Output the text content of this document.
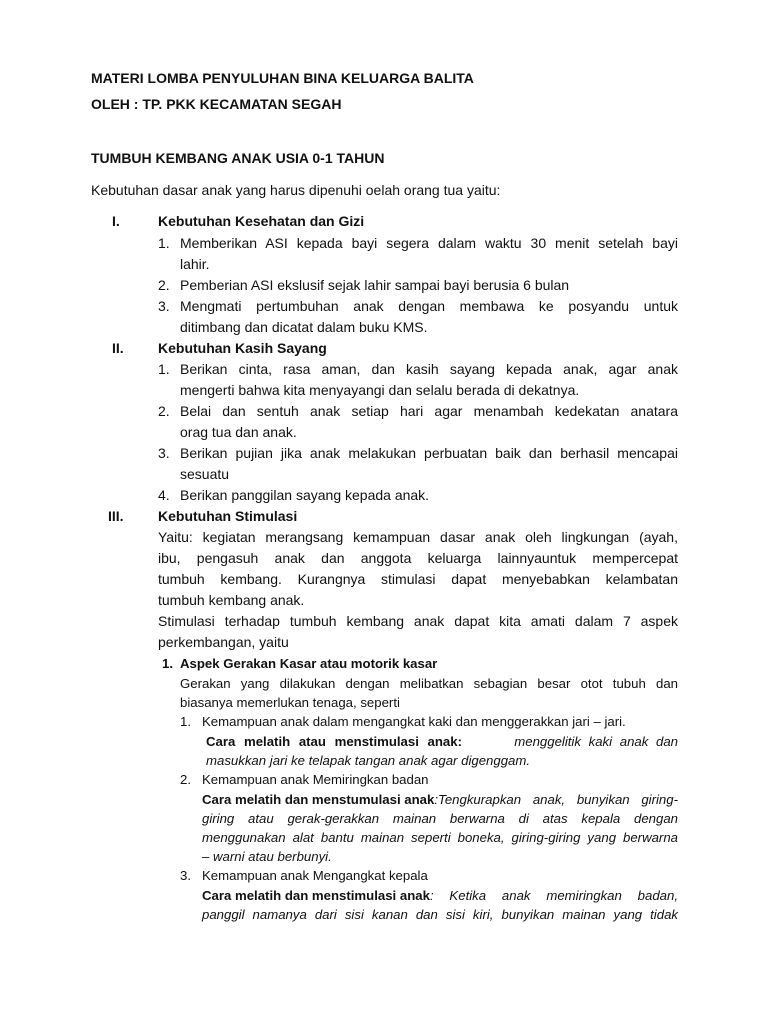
MATERI LOMBA PENYULUHAN BINA KELUARGA BALITA
OLEH : TP. PKK KECAMATAN SEGAH
TUMBUH KEMBANG ANAK USIA 0-1 TAHUN
Kebutuhan dasar anak yang harus dipenuhi oelah orang tua yaitu:
I.	Kebutuhan Kesehatan dan Gizi
1. Memberikan ASI kepada bayi segera dalam waktu 30 menit setelah bayi
lahir.
2. Pemberian ASI ekslusif sejak lahir sampai bayi berusia 6 bulan
3. Mengmati pertumbuhan anak dengan membawa ke posyandu untuk
ditimbang dan dicatat dalam buku KMS.
II. Kebutuhan Kasih Sayang
1. Berikan cinta, rasa aman, dan kasih sayang kepada anak, agar anak
mengerti bahwa kita menyayangi dan selalu berada di dekatnya.
2. Belai dan sentuh anak setiap hari agar menambah kedekatan anatara
orag tua dan anak.
3. Berikan pujian jika anak melakukan perbuatan baik dan berhasil mencapai
sesuatu
4. Berikan panggilan sayang kepada anak.
III. Kebutuhan Stimulasi
Yaitu: kegiatan merangsang kemampuan dasar anak oleh lingkungan (ayah,
ibu, pengasuh anak dan anggota keluarga lainnyauntuk mempercepat
tumbuh kembang. Kurangnya stimulasi dapat menyebabkan kelambatan
tumbuh kembang anak.
Stimulasi terhadap tumbuh kembang anak dapat kita amati dalam 7 aspek
perkembangan, yaitu
1. Aspek Gerakan Kasar atau motorik kasar
Gerakan yang dilakukan dengan melibatkan sebagian besar otot tubuh dan
biasanya memerlukan tenaga, seperti
1. Kemampuan anak dalam mengangkat kaki dan menggerakkan jari – jari.
Cara melatih atau menstimulasi anak:	menggelitik kaki anak dan
masukkan jari ke telapak tangan anak agar digenggam.
2. Kemampuan anak Memiringkan badan
Cara melatih dan menstumulasi anak :Tengkurapkan anak, bunyikan giring-
giring atau gerak-gerakkan mainan berwarna di atas kepala dengan
menggunakan alat bantu mainan seperti boneka, giring-giring yang berwarna
– warni atau berbunyi.
3. Kemampuan anak Mengangkat kepala
Cara melatih dan menstimulasi anak : Ketika anak memiringkan badan,
panggil namanya dari sisi kanan dan sisi kiri, bunyikan mainan yang tidak
